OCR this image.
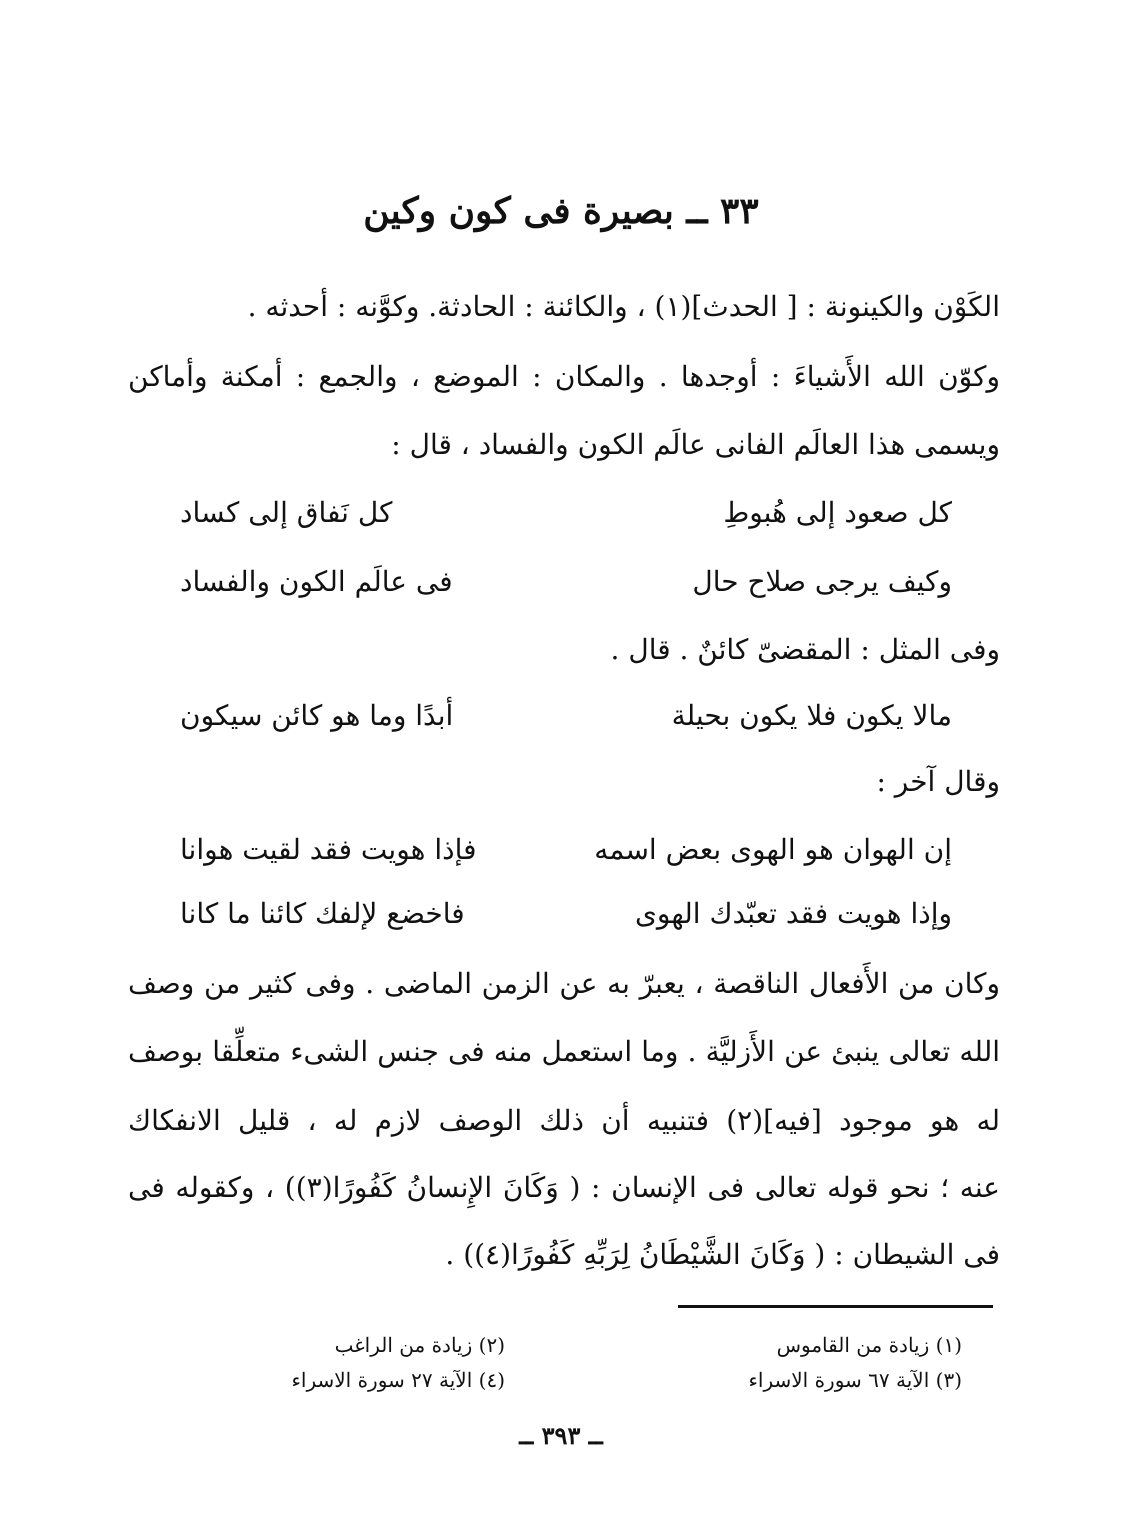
٣٣ ــ بصيرة فى كون وكين
الكَوْن والكينونة : [ الحدث](١) ، والكائنة : الحادثة. وكوَّنه : أحدثه .
وكوّن الله الأَشياءَ : أوجدها . والمكان : الموضع ، والجمع : أمكنة وأماكن
ويسمى هذا العالَم الفانى عالَم الكون والفساد ، قال :
كل صعود إلى هُبوطِ
كل نَفاق إلى كساد
وكيف يرجى صلاح حال
فى عالَم الكون والفساد
وفى المثل : المقضىّ كائنٌ . قال .
مالا يكون فلا يكون بحيلة
أبدًا وما هو كائن سيكون
وقال آخر :
إن الهوان هو الهوى بعض اسمه
فإذا هويت فقد لقيت هوانا
وإذا هويت فقد تعبّدك الهوى
فاخضع لإلفك كائنا ما كانا
وكان من الأَفعال الناقصة ، يعبرّ به عن الزمن الماضى . وفى كثير من وصف
الله تعالى ينبئ عن الأَزليَّة . وما استعمل منه فى جنس الشىء متعلِّقا بوصف
له هو موجود [فيه](٢) فتنبيه أن ذلك الوصف لازم له ، قليل الانفكاك
عنه ؛ نحو قوله تعالى فى الإنسان : ( وَكَانَ الإِنسانُ كَفُورًا(٣)) ، وكقوله فى
فى الشيطان : ( وَكَانَ الشَّيْطَانُ لِرَبِّهِ كَفُورًا(٤)) .
(١) زيادة من القاموس
(٢) زيادة من الراغب
(٣) الآية ٦٧ سورة الاسراء
(٤) الآية ٢٧ سورة الاسراء
ــ ٣٩٣ ــ
